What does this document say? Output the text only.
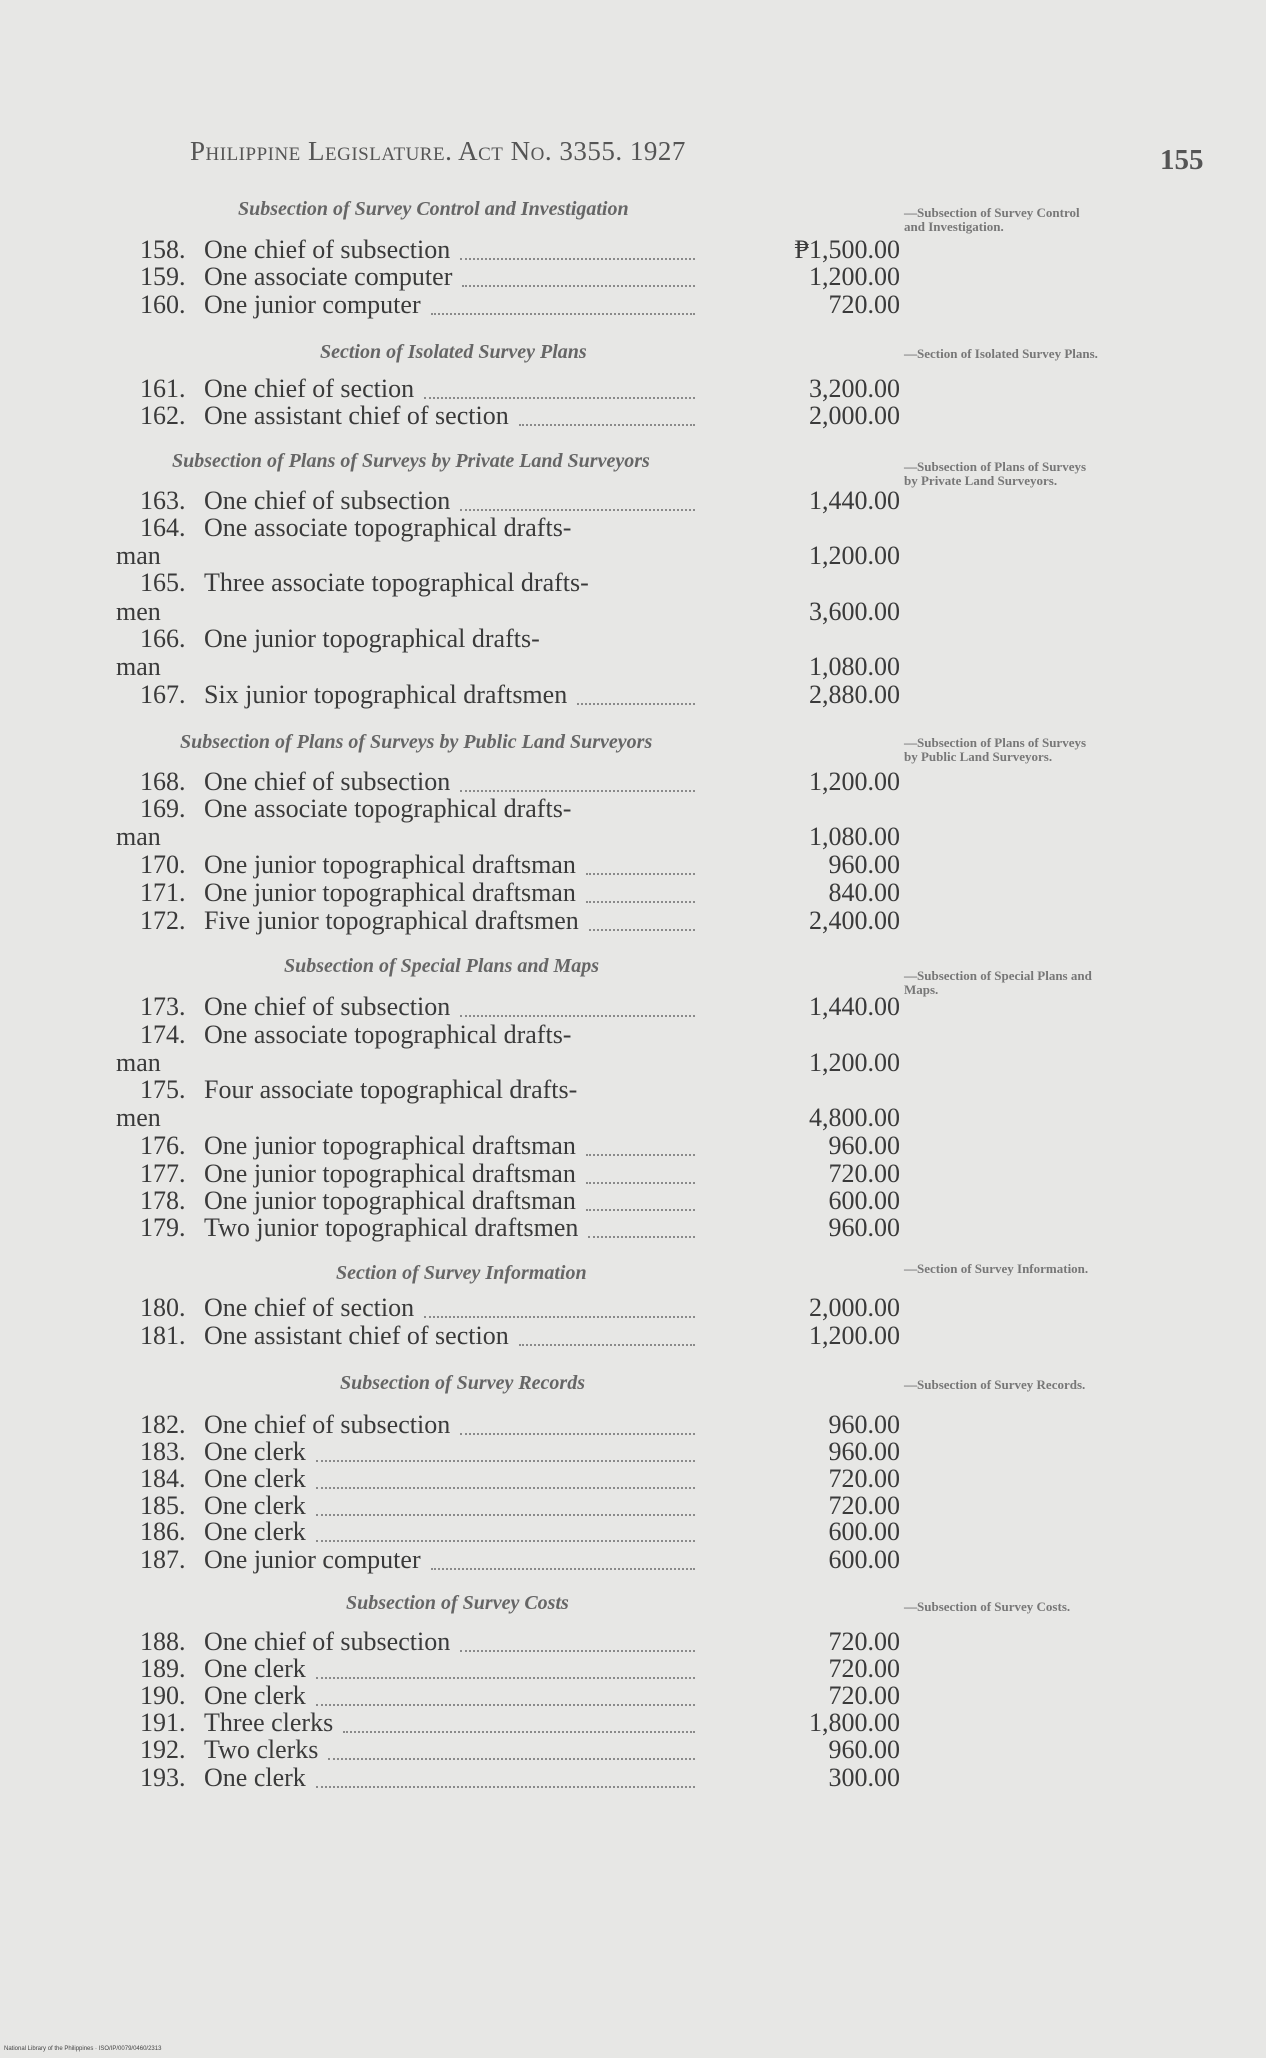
Philippine Legislature. Act No. 3355. 1927	155
Subsection of Survey Control and Investigation	—Subsection of Survey Control and Investigation.
158. One chief of subsection	₱1,500.00
159. One associate computer	1,200.00
160. One junior computer	720.00
Section of Isolated Survey Plans	—Section of Isolated Survey Plans.
161. One chief of section	3,200.00
162. One assistant chief of section	2,000.00
Subsection of Plans of Surveys by Private Land Surveyors	—Subsection of Plans of Surveys by Private Land Surveyors.
163. One chief of subsection	1,440.00
164. One associate topographical drafts-
man	1,200.00
165. Three associate topographical drafts-
men	3,600.00
166. One junior topographical drafts-
man	1,080.00
167. Six junior topographical draftsmen	2,880.00
Subsection of Plans of Surveys by Public Land Surveyors	—Subsection of Plans of Surveys by Public Land Surveyors.
168. One chief of subsection	1,200.00
169. One associate topographical drafts-
man	1,080.00
170. One junior topographical draftsman	960.00
171. One junior topographical draftsman	840.00
172. Five junior topographical draftsmen	2,400.00
Subsection of Special Plans and Maps	—Subsection of Special Plans and Maps.
173. One chief of subsection	1,440.00
174. One associate topographical drafts-
man	1,200.00
175. Four associate topographical drafts-
men	4,800.00
176. One junior topographical draftsman	960.00
177. One junior topographical draftsman	720.00
178. One junior topographical draftsman	600.00
179. Two junior topographical draftsmen	960.00
Section of Survey Information	—Section of Survey Information.
180. One chief of section	2,000.00
181. One assistant chief of section	1,200.00
Subsection of Survey Records	—Subsection of Survey Records.
182. One chief of subsection	960.00
183. One clerk	960.00
184. One clerk	720.00
185. One clerk	720.00
186. One clerk	600.00
187. One junior computer	600.00
Subsection of Survey Costs	—Subsection of Survey Costs.
188. One chief of subsection	720.00
189. One clerk	720.00
190. One clerk	720.00
191. Three clerks	1,800.00
192. Two clerks	960.00
193. One clerk	300.00
National Library of the Philippines · ISO/IP/0079/0460/2313
